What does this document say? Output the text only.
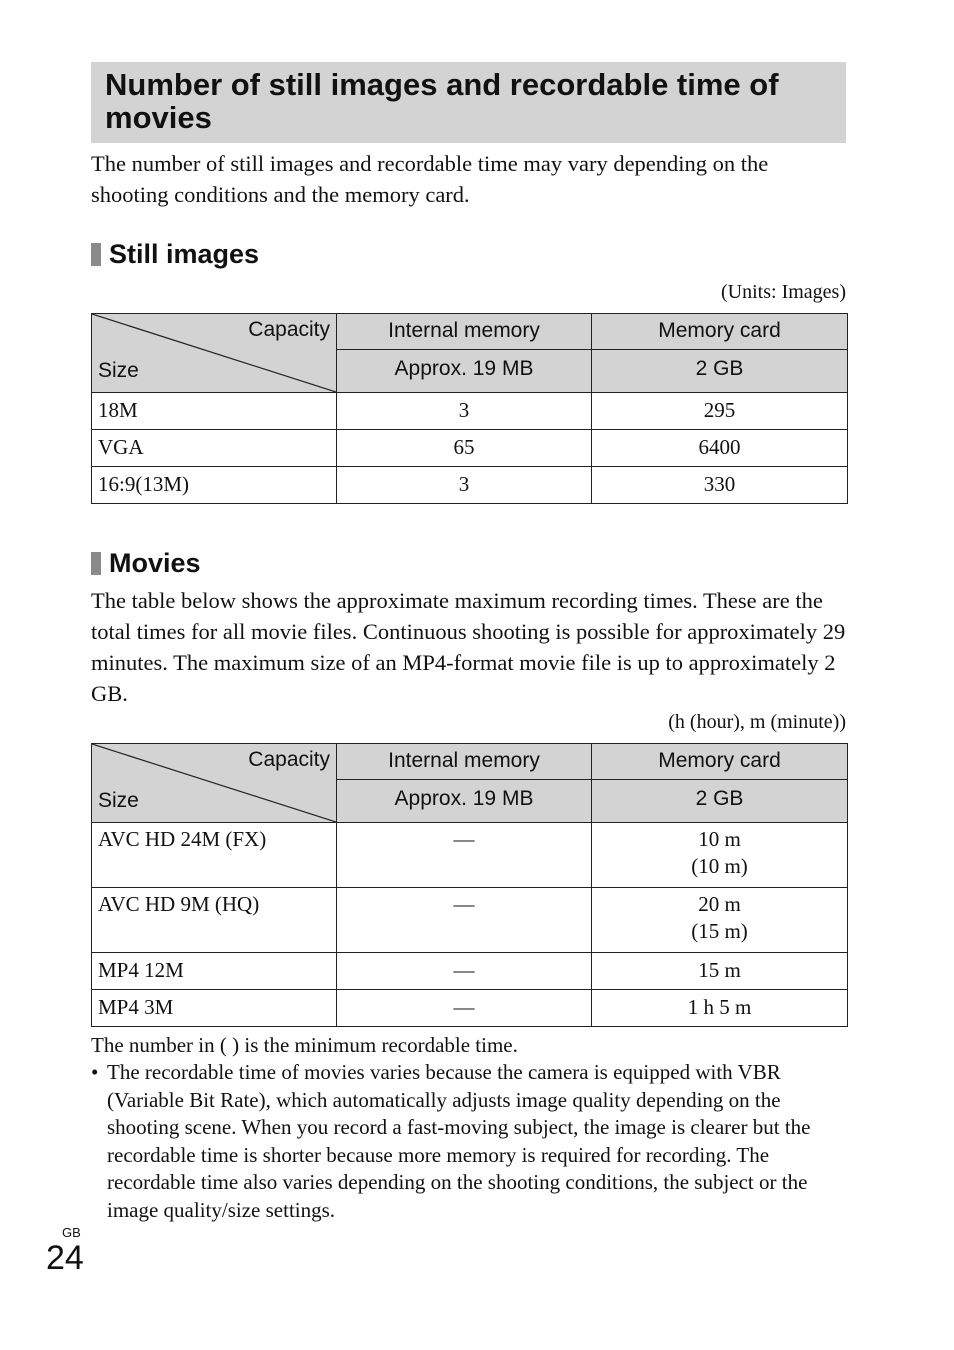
Number of still images and recordable time of movies

The number of still images and recordable time may vary depending on the shooting conditions and the memory card.

Still images

(Units: Images)

Capacity
Size	Internal memory	Memory card
	Approx. 19 MB	2 GB
18M	3	295
VGA	65	6400
16:9(13M)	3	330
Movies

The table below shows the approximate maximum recording times. These are the total times for all movie files. Continuous shooting is possible for approximately 29 minutes. The maximum size of an MP4-format movie file is up to approximately 2 GB.

(h (hour), m (minute))

Capacity
Size	Internal memory	Memory card
	Approx. 19 MB	2 GB
AVC HD 24M (FX)	—	10 m
(10 m)

AVC HD 9M (HQ)	—	20 m
(15 m)

MP4 12M	—	15 m
MP4 3M	—	1 h 5 m

The number in ( ) is the minimum recordable time.

• The recordable time of movies varies because the camera is equipped with VBR (Variable Bit Rate), which automatically adjusts image quality depending on the shooting scene. When you record a fast-moving subject, the image is clearer but the recordable time is shorter because more memory is required for recording. The recordable time also varies depending on the shooting conditions, the subject or the image quality/size settings.
GB
24
